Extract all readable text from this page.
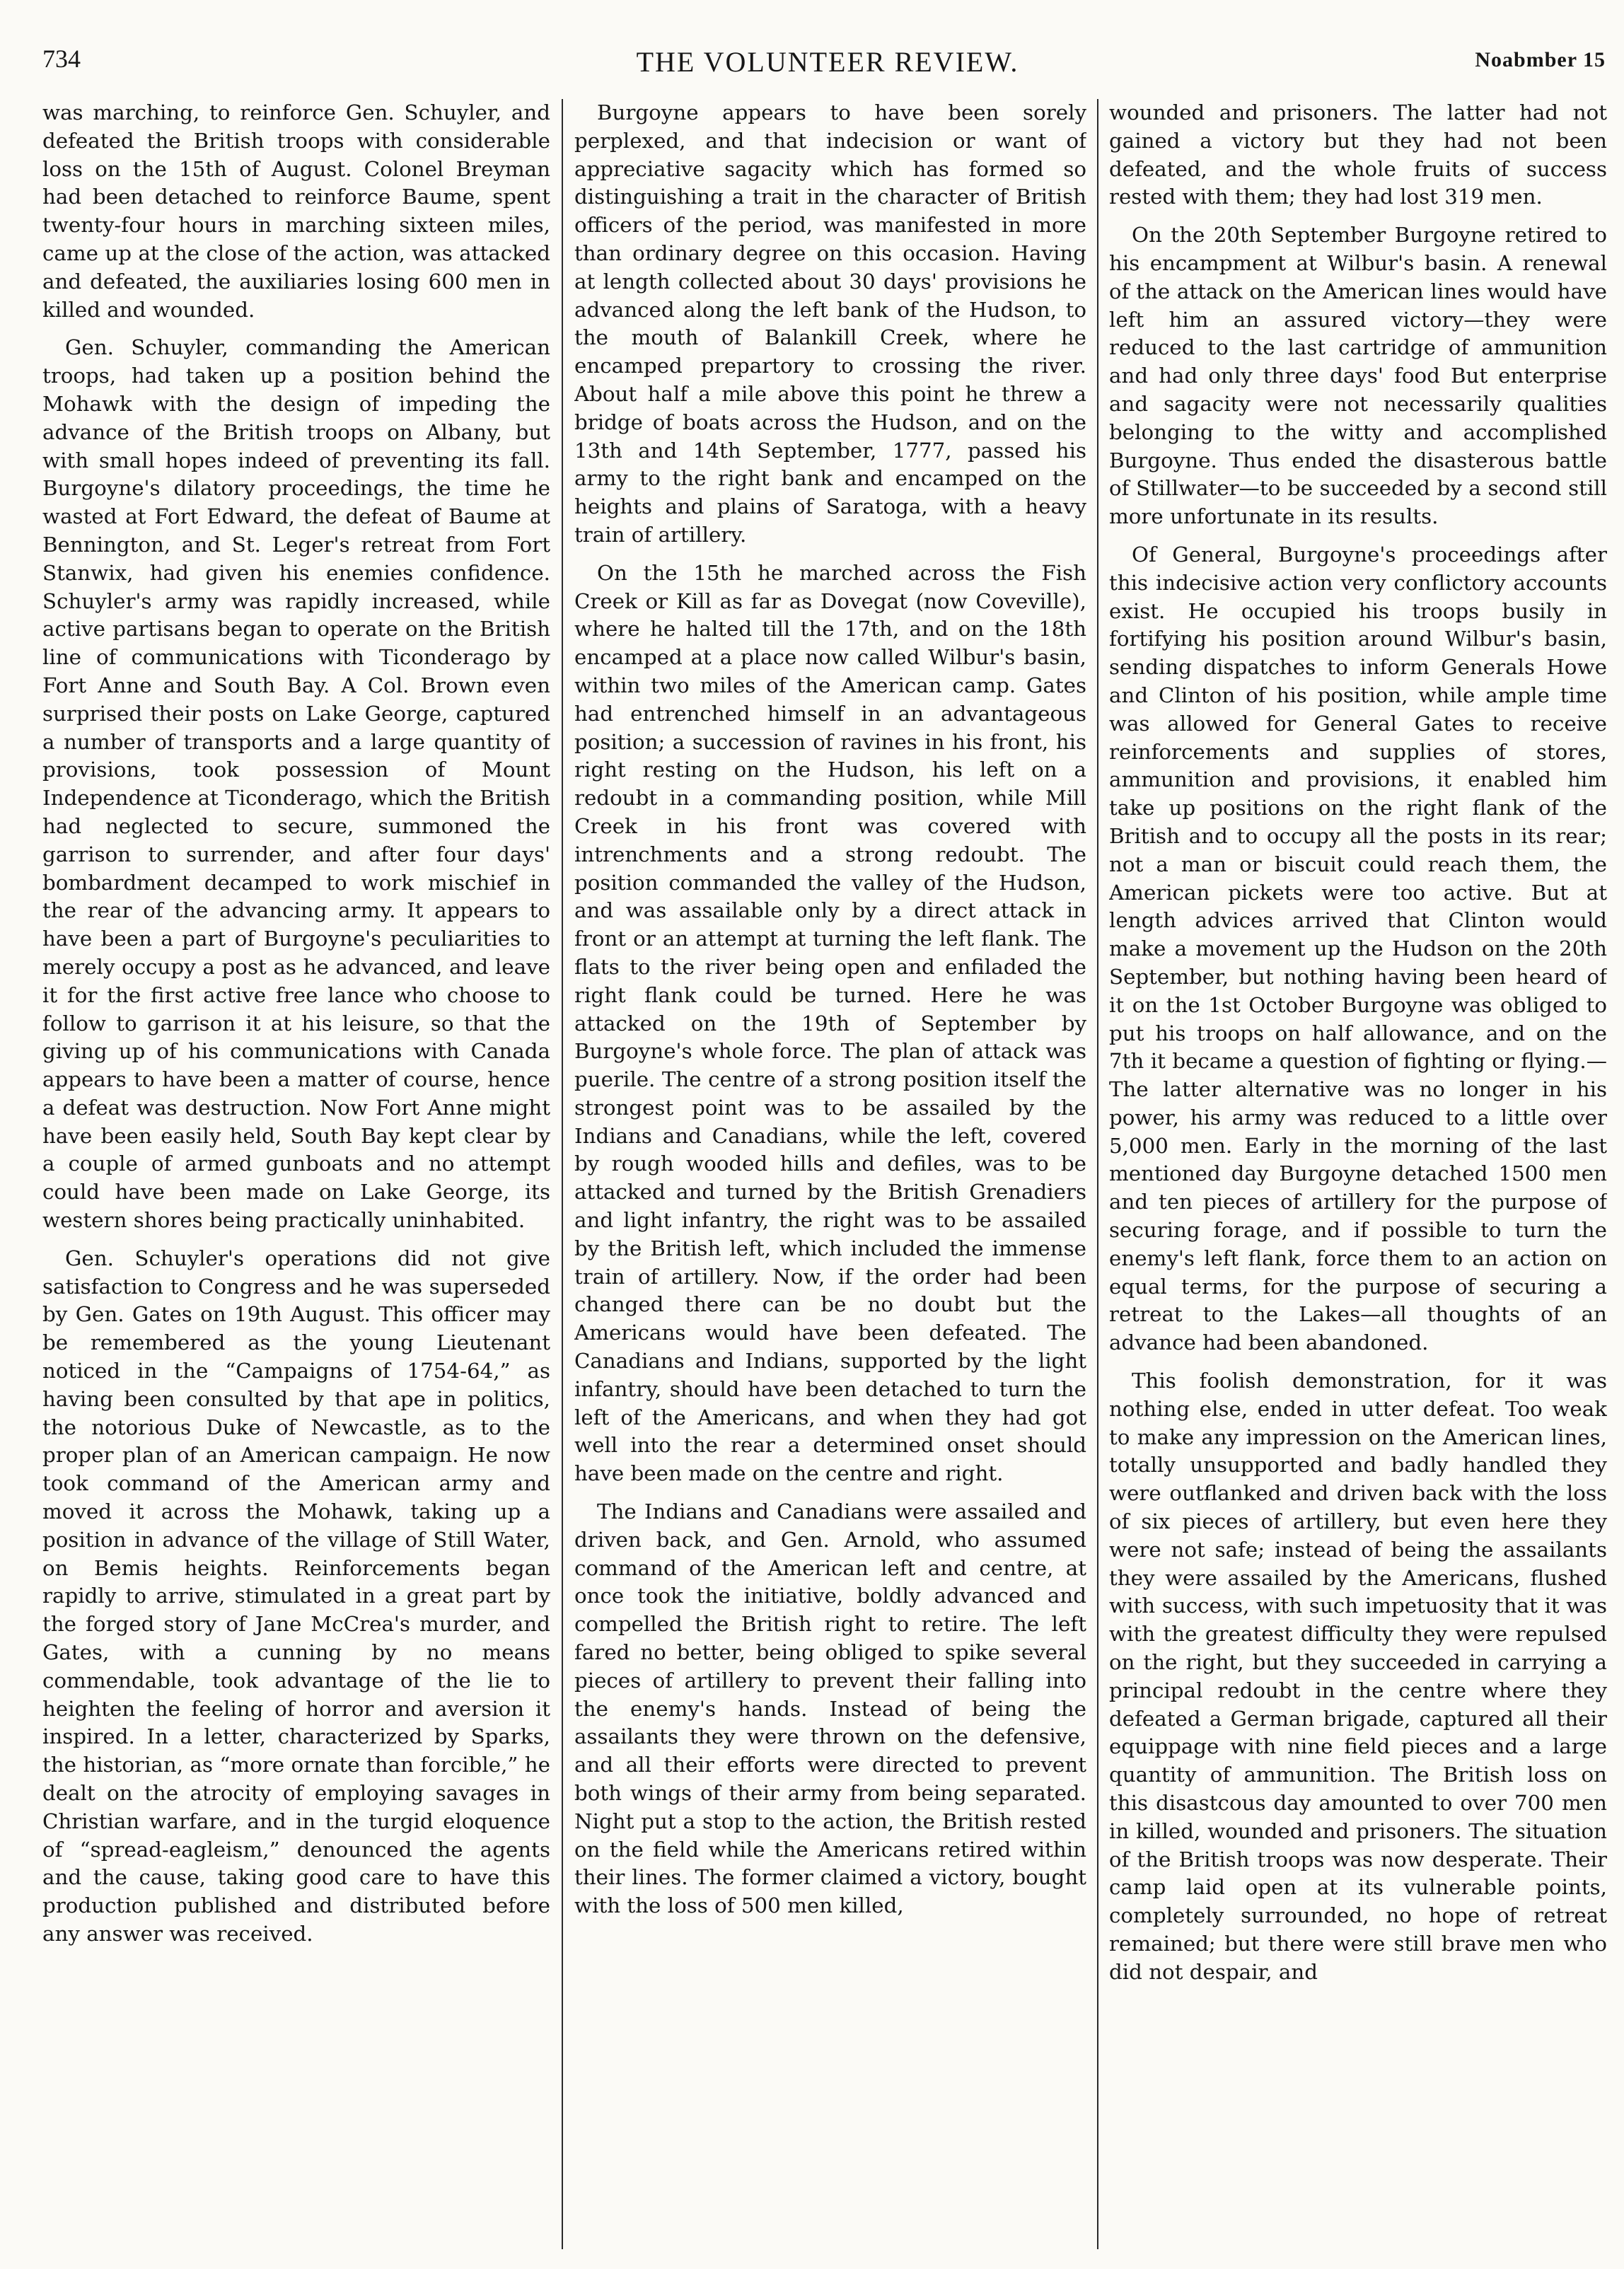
734	THE VOLUNTEER REVIEW.	Noabmber 15

was marching, to reinforce Gen. Schuyler, and defeated the British troops with considerable loss on the 15th of August. Colonel Breyman had been detached to reinforce Baume, spent twenty-four hours in marching sixteen miles, came up at the close of the action, was attacked and defeated, the auxiliaries losing 600 men in killed and wounded.

Gen. Schuyler, commanding the American troops, had taken up a position behind the Mohawk with the design of impeding the advance of the British troops on Albany, but with small hopes indeed of preventing its fall. Burgoyne's dilatory proceedings, the time he wasted at Fort Edward, the defeat of Baume at Bennington, and St. Leger's retreat from Fort Stanwix, had given his enemies confidence. Schuyler's army was rapidly increased, while active partisans began to operate on the British line of communications with Ticonderago by Fort Anne and South Bay. A Col. Brown even surprised their posts on Lake George, captured a number of transports and a large quantity of provisions, took possession of Mount Independence at Ticonderago, which the British had neglected to secure, summoned the garrison to surrender, and after four days' bombardment decamped to work mischief in the rear of the advancing army. It appears to have been a part of Burgoyne's peculiarities to merely occupy a post as he advanced, and leave it for the first active free lance who choose to follow to garrison it at his leisure, so that the giving up of his communications with Canada appears to have been a matter of course, hence a defeat was destruction. Now Fort Anne might have been easily held, South Bay kept clear by a couple of armed gunboats and no attempt could have been made on Lake George, its western shores being practically uninhabited.

Gen. Schuyler's operations did not give satisfaction to Congress and he was superseded by Gen. Gates on 19th August. This officer may be remembered as the young Lieutenant noticed in the “Campaigns of 1754-64,” as having been consulted by that ape in politics, the notorious Duke of Newcastle, as to the proper plan of an American campaign. He now took command of the American army and moved it across the Mohawk, taking up a position in advance of the village of Still Water, on Bemis heights. Reinforcements began rapidly to arrive, stimulated in a great part by the forged story of Jane McCrea's murder, and Gates, with a cunning by no means commendable, took advantage of the lie to heighten the feeling of horror and aversion it inspired. In a letter, characterized by Sparks, the historian, as “more ornate than forcible,” he dealt on the atrocity of employing savages in Christian warfare, and in the turgid eloquence of “spread-eagleism,” denounced the agents and the cause, taking good care to have this production published and distributed before any answer was received.

Burgoyne appears to have been sorely perplexed, and that indecision or want of appreciative sagacity which has formed so distinguishing a trait in the character of British officers of the period, was manifested in more than ordinary degree on this occasion. Having at length collected about 30 days' provisions he advanced along the left bank of the Hudson, to the mouth of Balankill Creek, where he encamped prepartory to crossing the river. About half a mile above this point he threw a bridge of boats across the Hudson, and on the 13th and 14th September, 1777, passed his army to the right bank and encamped on the heights and plains of Saratoga, with a heavy train of artillery.

On the 15th he marched across the Fish Creek or Kill as far as Dovegat (now Coveville), where he halted till the 17th, and on the 18th encamped at a place now called Wilbur's basin, within two miles of the American camp. Gates had entrenched himself in an advantageous position; a succession of ravines in his front, his right resting on the Hudson, his left on a redoubt in a commanding position, while Mill Creek in his front was covered with intrenchments and a strong redoubt. The position commanded the valley of the Hudson, and was assailable only by a direct attack in front or an attempt at turning the left flank. The flats to the river being open and enfiladed the right flank could be turned. Here he was attacked on the 19th of September by Burgoyne's whole force. The plan of attack was puerile. The centre of a strong position itself the strongest point was to be assailed by the Indians and Canadians, while the left, covered by rough wooded hills and defiles, was to be attacked and turned by the British Grenadiers and light infantry, the right was to be assailed by the British left, which included the immense train of artillery. Now, if the order had been changed there can be no doubt but the Americans would have been defeated. The Canadians and Indians, supported by the light infantry, should have been detached to turn the left of the Americans, and when they had got well into the rear a determined onset should have been made on the centre and right.

The Indians and Canadians were assailed and driven back, and Gen. Arnold, who assumed command of the American left and centre, at once took the initiative, boldly advanced and compelled the British right to retire. The left fared no better, being obliged to spike several pieces of artillery to prevent their falling into the enemy's hands. Instead of being the assailants they were thrown on the defensive, and all their efforts were directed to prevent both wings of their army from being separated. Night put a stop to the action, the British rested on the field while the Americans retired within their lines. The former claimed a victory, bought with the loss of 500 men killed,

wounded and prisoners. The latter had not gained a victory but they had not been defeated, and the whole fruits of success rested with them; they had lost 319 men.

On the 20th September Burgoyne retired to his encampment at Wilbur's basin. A renewal of the attack on the American lines would have left him an assured victory—they were reduced to the last cartridge of ammunition and had only three days' food But enterprise and sagacity were not necessarily qualities belonging to the witty and accomplished Burgoyne. Thus ended the disasterous battle of Stillwater—to be succeeded by a second still more unfortunate in its results.

Of General, Burgoyne's proceedings after this indecisive action very conflictory accounts exist. He occupied his troops busily in fortifying his position around Wilbur's basin, sending dispatches to inform Generals Howe and Clinton of his position, while ample time was allowed for General Gates to receive reinforcements and supplies of stores, ammunition and provisions, it enabled him take up positions on the right flank of the British and to occupy all the posts in its rear; not a man or biscuit could reach them, the American pickets were too active. But at length advices arrived that Clinton would make a movement up the Hudson on the 20th September, but nothing having been heard of it on the 1st October Burgoyne was obliged to put his troops on half allowance, and on the 7th it became a question of fighting or flying.—The latter alternative was no longer in his power, his army was reduced to a little over 5,000 men. Early in the morning of the last mentioned day Burgoyne detached 1500 men and ten pieces of artillery for the purpose of securing forage, and if possible to turn the enemy's left flank, force them to an action on equal terms, for the purpose of securing a retreat to the Lakes—all thoughts of an advance had been abandoned.

This foolish demonstration, for it was nothing else, ended in utter defeat. Too weak to make any impression on the American lines, totally unsupported and badly handled they were outflanked and driven back with the loss of six pieces of artillery, but even here they were not safe; instead of being the assailants they were assailed by the Americans, flushed with success, with such impetuosity that it was with the greatest difficulty they were repulsed on the right, but they succeeded in carrying a principal redoubt in the centre where they defeated a German brigade, captured all their equippage with nine field pieces and a large quantity of ammunition. The British loss on this disastcous day amounted to over 700 men in killed, wounded and prisoners. The situation of the British troops was now desperate. Their camp laid open at its vulnerable points, completely surrounded, no hope of retreat remained; but there were still brave men who did not despair, and
